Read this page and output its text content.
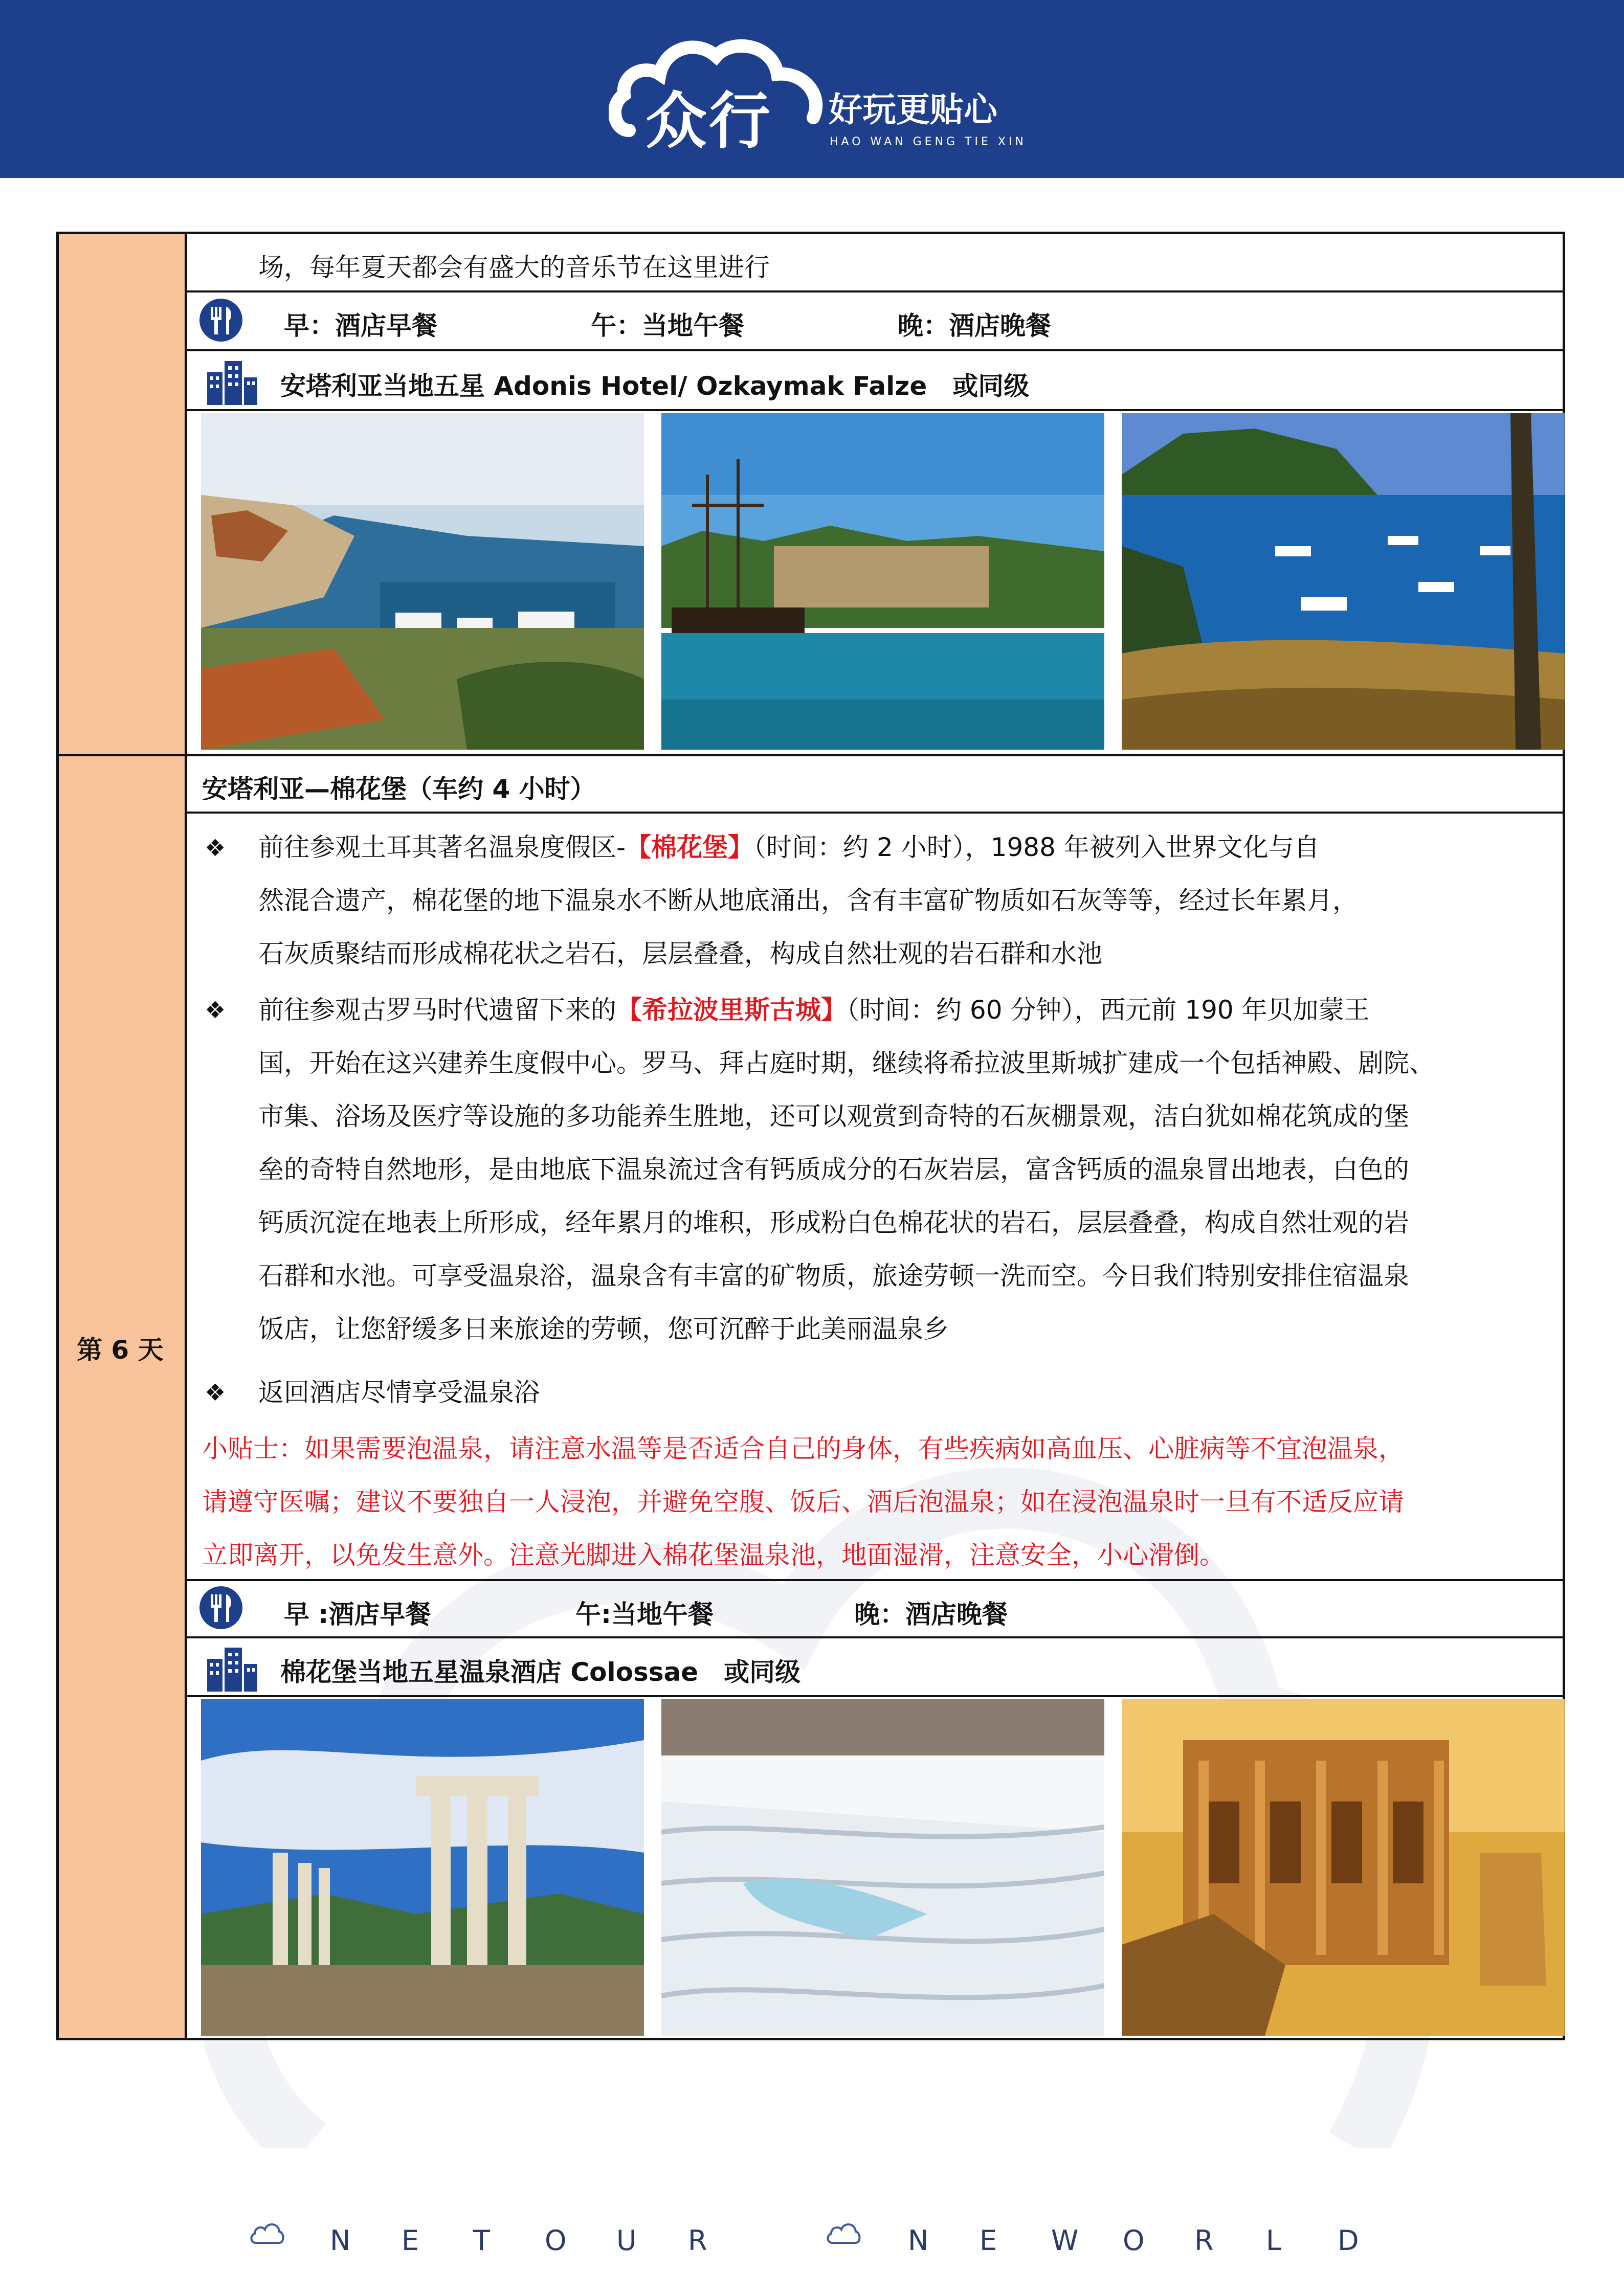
众行 好玩更贴心
HAO WAN GENG TIE XIN
第 6 天
场，每年夏天都会有盛大的音乐节在这里进行
早：酒店早餐	午：当地午餐	晚：酒店晚餐
安塔利亚当地五星 Adonis Hotel/ Ozkaymak Falze　或同级
安塔利亚—棉花堡（车约 4 小时）
❖ 前往参观土耳其著名温泉度假区-【棉花堡】（时间：约 2 小时），1988 年被列入世界文化与自
然混合遗产，棉花堡的地下温泉水不断从地底涌出，含有丰富矿物质如石灰等等，经过长年累月，
石灰质聚结而形成棉花状之岩石，层层叠叠，构成自然壮观的岩石群和水池
❖ 前往参观古罗马时代遗留下来的【希拉波里斯古城】（时间：约 60 分钟），西元前 190 年贝加蒙王
国，开始在这兴建养生度假中心。罗马、拜占庭时期，继续将希拉波里斯城扩建成一个包括神殿、剧院、
市集、浴场及医疗等设施的多功能养生胜地，还可以观赏到奇特的石灰棚景观，洁白犹如棉花筑成的堡
垒的奇特自然地形，是由地底下温泉流过含有钙质成分的石灰岩层，富含钙质的温泉冒出地表，白色的
钙质沉淀在地表上所形成，经年累月的堆积，形成粉白色棉花状的岩石，层层叠叠，构成自然壮观的岩
石群和水池。可享受温泉浴，温泉含有丰富的矿物质，旅途劳顿一洗而空。今日我们特别安排住宿温泉
饭店，让您舒缓多日来旅途的劳顿，您可沉醉于此美丽温泉乡
❖ 返回酒店尽情享受温泉浴
小贴士：如果需要泡温泉，请注意水温等是否适合自己的身体，有些疾病如高血压、心脏病等不宜泡温泉，
请遵守医嘱；建议不要独自一人浸泡，并避免空腹、饭后、酒后泡温泉；如在浸泡温泉时一旦有不适反应请
立即离开，以免发生意外。注意光脚进入棉花堡温泉池，地面湿滑，注意安全，小心滑倒。
早 :酒店早餐	午:当地午餐	晚：酒店晚餐
棉花堡当地五星温泉酒店 Colossae　或同级
N E T O U R	N E W O R L D
